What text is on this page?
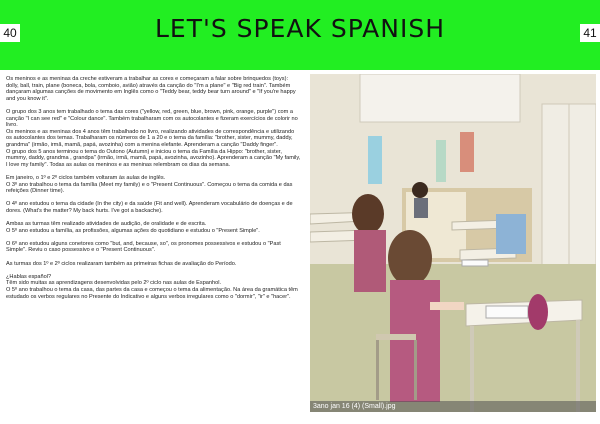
40	LET'S SPEAK SPANISH	41

Os meninos e as meninas da creche estiveram a trabalhar as cores e começaram a falar sobre brinquedos (toys): dolly, ball, train, plane (boneca, bola, comboio, avião) através da canção do "I'm a plane" e "Big red train". Também dançaram algumas canções de movimento em Inglês como o "Teddy bear, teddy bear turn around" e "If you're happy and you know it".

O grupo dos 3 anos tem trabalhado o tema das cores ("yellow, red, green, blue, brown, pink, orange, purple") com a canção "I can see red" e "Colour dance". Também trabalharam com os autocolantes e fizeram exercícios de colorir no livro.
Os meninos e as meninas dos 4 anos têm trabalhado no livro, realizando atividades de correspondência e utilizando os autocolantes dos temas. Trabalharam os números de 1 a 20 e o tema da família: "brother, sister, mummy, daddy, grandma" (irmão, irmã, mamã, papá, avozinha) com a menina elefante. Aprenderam a canção "Daddy finger".
O grupo dos 5 anos terminou o tema do Outono (Autumn) e iniciou o tema da Família da Hippo: "brother, sister, mummy, daddy, grandma , grandpa" (irmão, irmã, mamã, papá, avozinha, avozinho). Aprenderam a canção "My family, I love my family". Todas as aulas os meninos e as meninas relembram os dias da semana.

Em janeiro, o 1º e 2º ciclos também voltaram às aulas de inglês.
O 3º ano trabalhou o tema da família (Meet my family) e o "Present Continuous". Começou o tema da comida e das refeições (Dinner time).

O 4º ano estudou o tema da cidade (In the city) e da saúde (Fit and well). Aprenderam vocabulário de doenças e de dores. (What's the matter? My back hurts. I've got a backache).

Ambas as turmas têm realizado atividades de audição, de oralidade e de escrita.
O 5º ano estudou a família, as profissões, algumas ações do quotidiano e estudou o "Present Simple".

O 6º ano estudou alguns conetores como "but, and, because, so", os pronomes possessivos e estudou o "Past Simple". Reviu o caso possessivo e o "Present Continuous".

As turmas dos 1º e 2º ciclos realizaram também as primeiras fichas de avaliação do Período.

¿Hablas español?
Têm sido muitas as aprendizagens desenvolvidas pelo 2º ciclo nas aulas de Espanhol.
O 5º ano trabalhou o tema da casa, das partes da casa e começou o tema da alimentação. Na área da gramática têm estudado os verbos regulares no Presente do Indicativo e alguns verbos irregulares como o "dormir", "ir" e "hacer".

3ano jan 16 (4) (Small).jpg
